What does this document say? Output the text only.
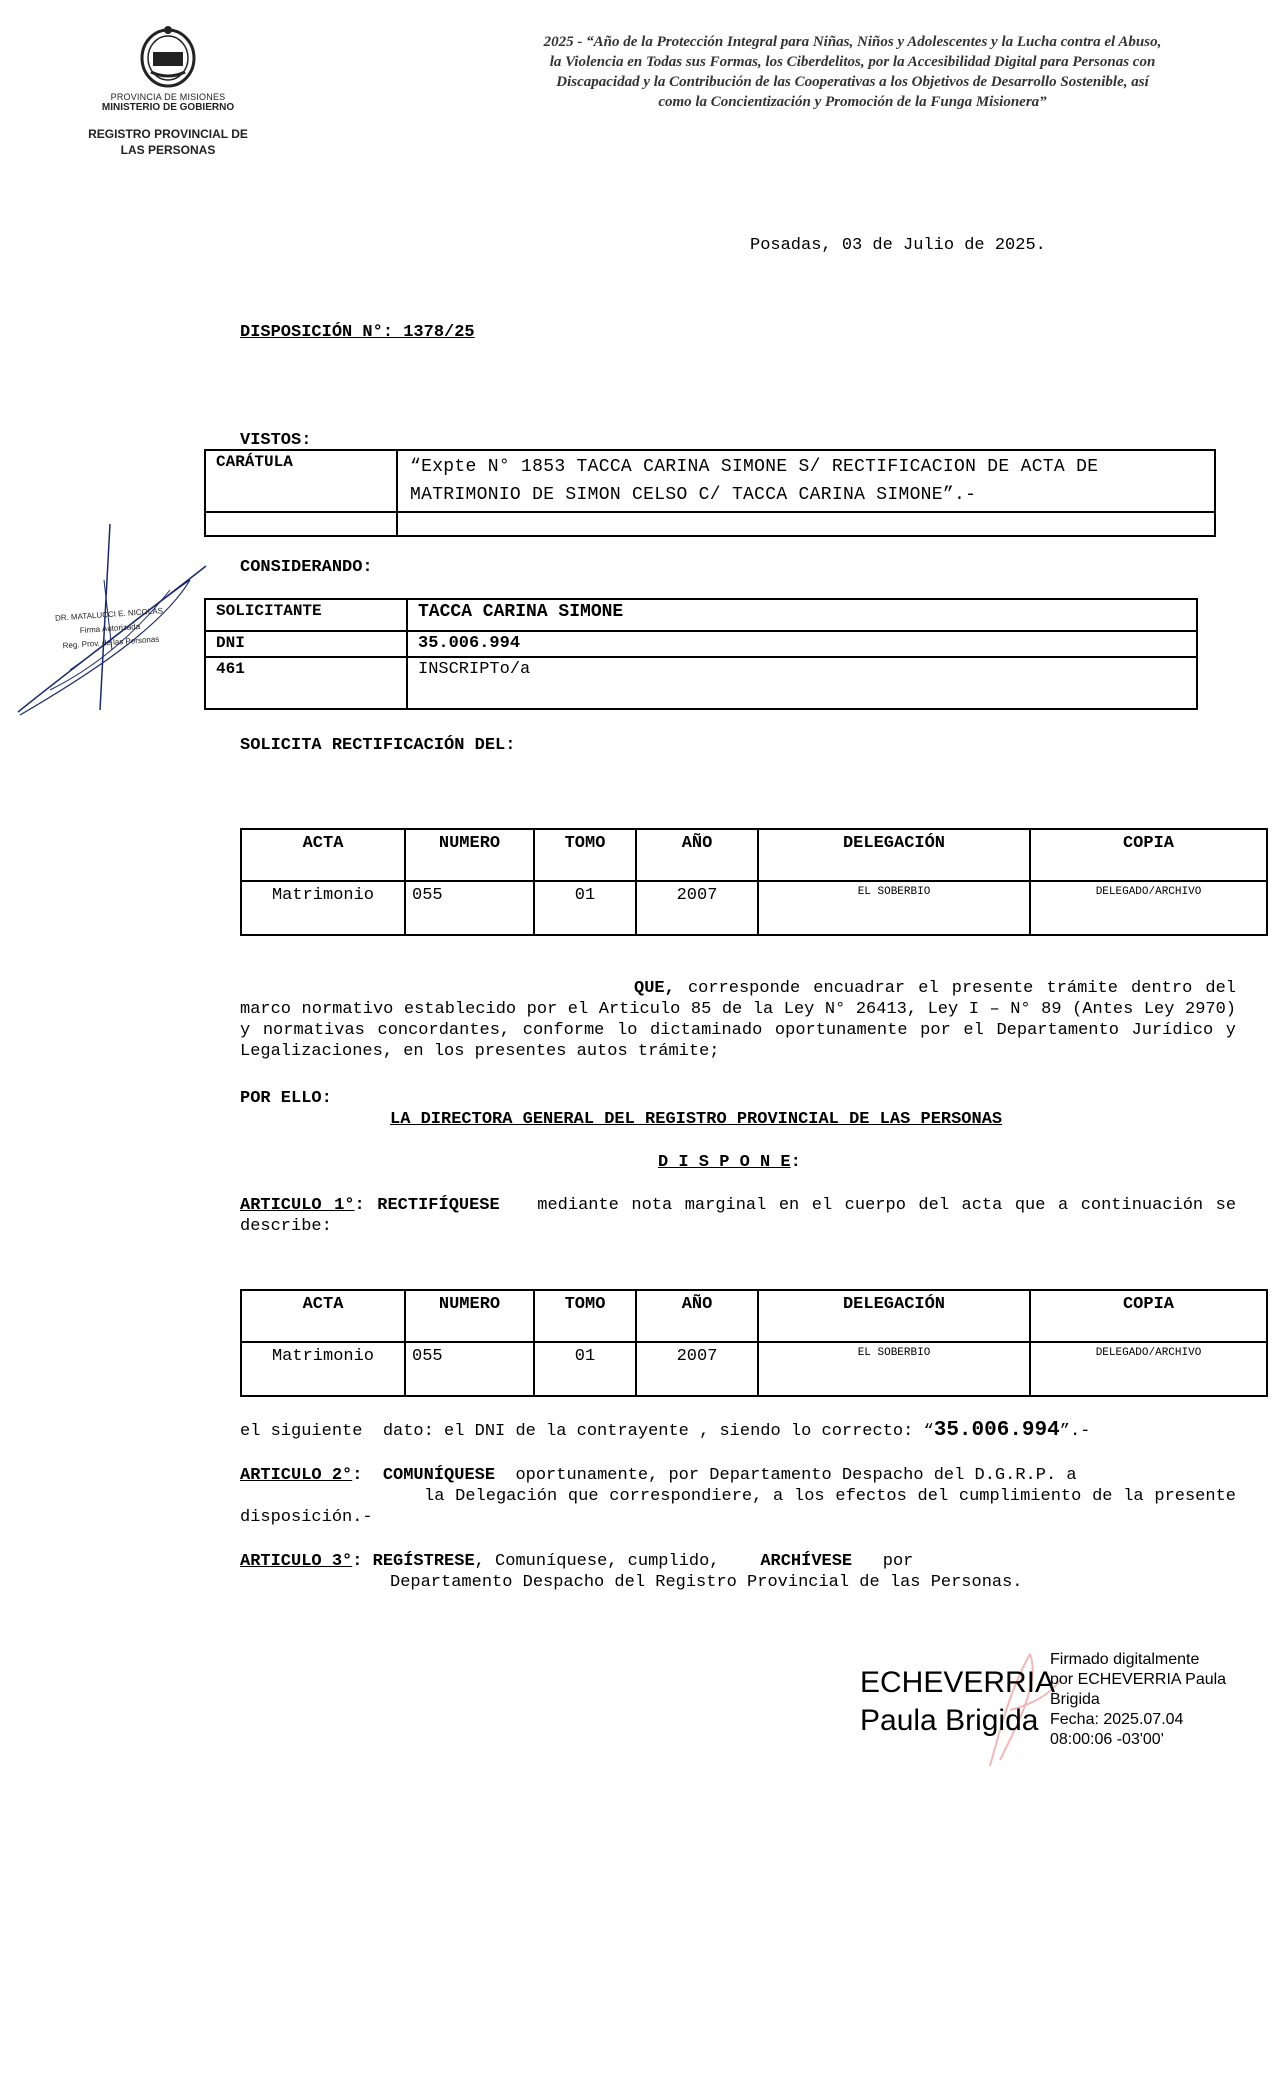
PROVINCIA DE MISIONES
MINISTERIO DE GOBIERNO
REGISTRO PROVINCIAL DE
LAS PERSONAS
2025 - “Año de la Protección Integral para Niñas, Niños y Adolescentes y la Lucha contra el Abuso, la Violencia en Todas sus Formas, los Ciberdelitos, por la Accesibilidad Digital para Personas con Discapacidad y la Contribución de las Cooperativas a los Objetivos de Desarrollo Sostenible, así como la Concientización y Promoción de la Funga Misionera”
Posadas, 03 de Julio de 2025.
DISPOSICIÓN N°: 1378/25
VISTOS:
CARÁTULA	“Expte N° 1853 TACCA CARINA SIMONE S/ RECTIFICACION DE ACTA DE MATRIMONIO DE SIMON CELSO C/ TACCA CARINA SIMONE”.-

CONSIDERANDO:
SOLICITANTE	TACCA CARINA SIMONE
DNI	35.006.994
461	INSCRIPTo/a
DR. MATALUCCI E. NICOLAS
Firma Autorizada
Reg. Prov. de las Personas
SOLICITA RECTIFICACIÓN DEL:
ACTA	NUMERO	TOMO	AÑO	DELEGACIÓN	COPIA
Matrimonio	055	01	2007	EL SOBERBIO	DELEGADO/ARCHIVO
QUE, corresponde encuadrar el presente trámite dentro del marco normativo establecido por el Articulo 85 de la Ley N° 26413, Ley I – N° 89 (Antes Ley 2970) y normativas concordantes, conforme lo dictaminado oportunamente por el Departamento Jurídico y Legalizaciones, en los presentes autos trámite;
POR ELLO:
LA DIRECTORA GENERAL DEL REGISTRO PROVINCIAL DE LAS PERSONAS
D I S P O N E:
ARTICULO 1°: RECTIFÍQUESE mediante nota marginal en el cuerpo del acta que a continuación se describe:
ACTA	NUMERO	TOMO	AÑO	DELEGACIÓN	COPIA
Matrimonio	055	01	2007	EL SOBERBIO	DELEGADO/ARCHIVO
el siguiente  dato: el DNI de la contrayente , siendo lo correcto: “35.006.994”.-
ARTICULO 2°: COMUNÍQUESE oportunamente, por Departamento Despacho del D.G.R.P. a
la Delegación que correspondiere, a los efectos del cumplimiento de la presente disposición.-
ARTICULO 3°: REGÍSTRESE, Comuníquese, cumplido, ARCHÍVESE por
Departamento Despacho del Registro Provincial de las Personas.
ECHEVERRIA
Paula Brigida
Firmado digitalmente
por ECHEVERRIA Paula
Brigida
Fecha: 2025.07.04
08:00:06 -03'00'
